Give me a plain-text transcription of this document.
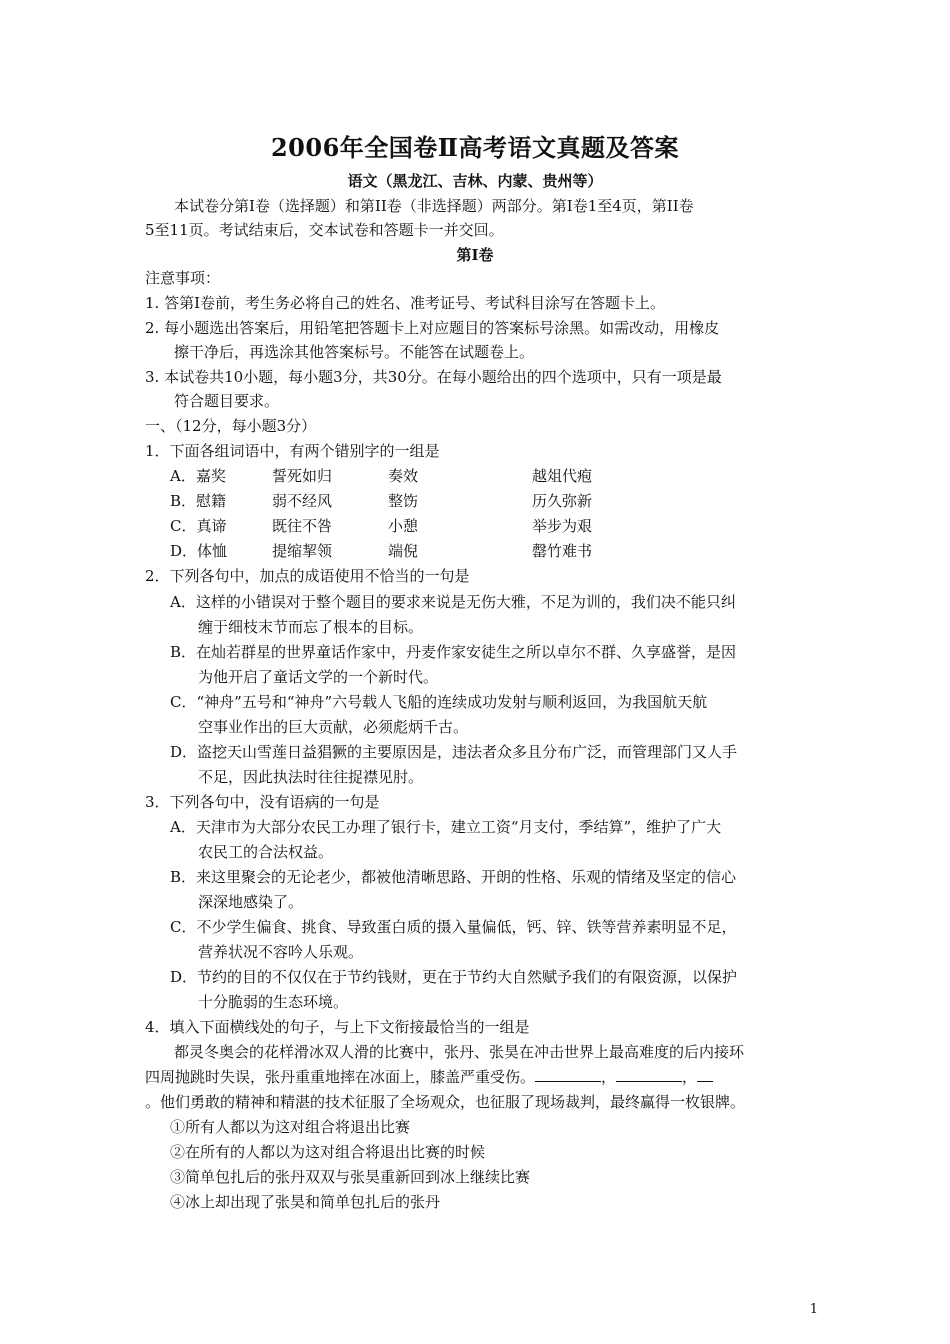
2006年全国卷Ⅱ高考语文真题及答案
语文（黑龙江、吉林、内蒙、贵州等）
本试卷分第I卷（选择题）和第II卷（非选择题）两部分。第I卷1至4页，第II卷
5至11页。考试结束后，交本试卷和答题卡一并交回。
第I卷
注意事项：
1. 答第I卷前，考生务必将自己的姓名、准考证号、考试科目涂写在答题卡上。
2. 每小题选出答案后，用铅笔把答题卡上对应题目的答案标号涂黑。如需改动，用橡皮
擦干净后，再选涂其他答案标号。不能答在试题卷上。
3. 本试卷共10小题，每小题3分，共30分。在每小题给出的四个选项中，只有一项是最
符合题目要求。
一、（12分，每小题3分）
1．下面各组词语中，有两个错别字的一组是
A．嘉奖	誓死如归	奏效	越俎代疱
B．慰籍	弱不经风	整饬	历久弥新
C．真谛	既往不咎	小憩	举步为艰
D．体恤	提缩挈领	端倪	罄竹难书
2．下列各句中，加点的成语使用不恰当的一句是
A．这样的小错误对于整个题目的要求来说是无伤大雅，不足为训的，我们决不能只纠
缠于细枝末节而忘了根本的目标。
B．在灿若群星的世界童话作家中，丹麦作家安徒生之所以卓尔不群、久享盛誉，是因
为他开启了童话文学的一个新时代。
C．“神舟”五号和“神舟”六号载人飞船的连续成功发射与顺利返回，为我国航天航
空事业作出的巨大贡献，必须彪炳千古。
D．盗挖天山雪莲日益猖獗的主要原因是，违法者众多且分布广泛，而管理部门又人手
不足，因此执法时往往捉襟见肘。
3．下列各句中，没有语病的一句是
A．天津市为大部分农民工办理了银行卡，建立工资“月支付，季结算”，维护了广大
农民工的合法权益。
B．来这里聚会的无论老少，都被他清晰思路、开朗的性格、乐观的情绪及坚定的信心
深深地感染了。
C．不少学生偏食、挑食、导致蛋白质的摄入量偏低，钙、锌、铁等营养素明显不足，
营养状况不容吟人乐观。
D．节约的目的不仅仅在于节约钱财，更在于节约大自然赋予我们的有限资源，以保护
十分脆弱的生态环境。
4．填入下面横线处的句子，与上下文衔接最恰当的一组是
都灵冬奥会的花样滑冰双人滑的比赛中，张丹、张昊在冲击世界上最高难度的后内接环
四周抛跳时失误，张丹重重地摔在冰面上，膝盖严重受伤。	，	，
。他们勇敢的精神和精湛的技术征服了全场观众，也征服了现场裁判，最终赢得一枚银牌。
①所有人都以为这对组合将退出比赛
②在所有的人都以为这对组合将退出比赛的时候
③简单包扎后的张丹双双与张昊重新回到冰上继续比赛
④冰上却出现了张昊和简单包扎后的张丹
1
